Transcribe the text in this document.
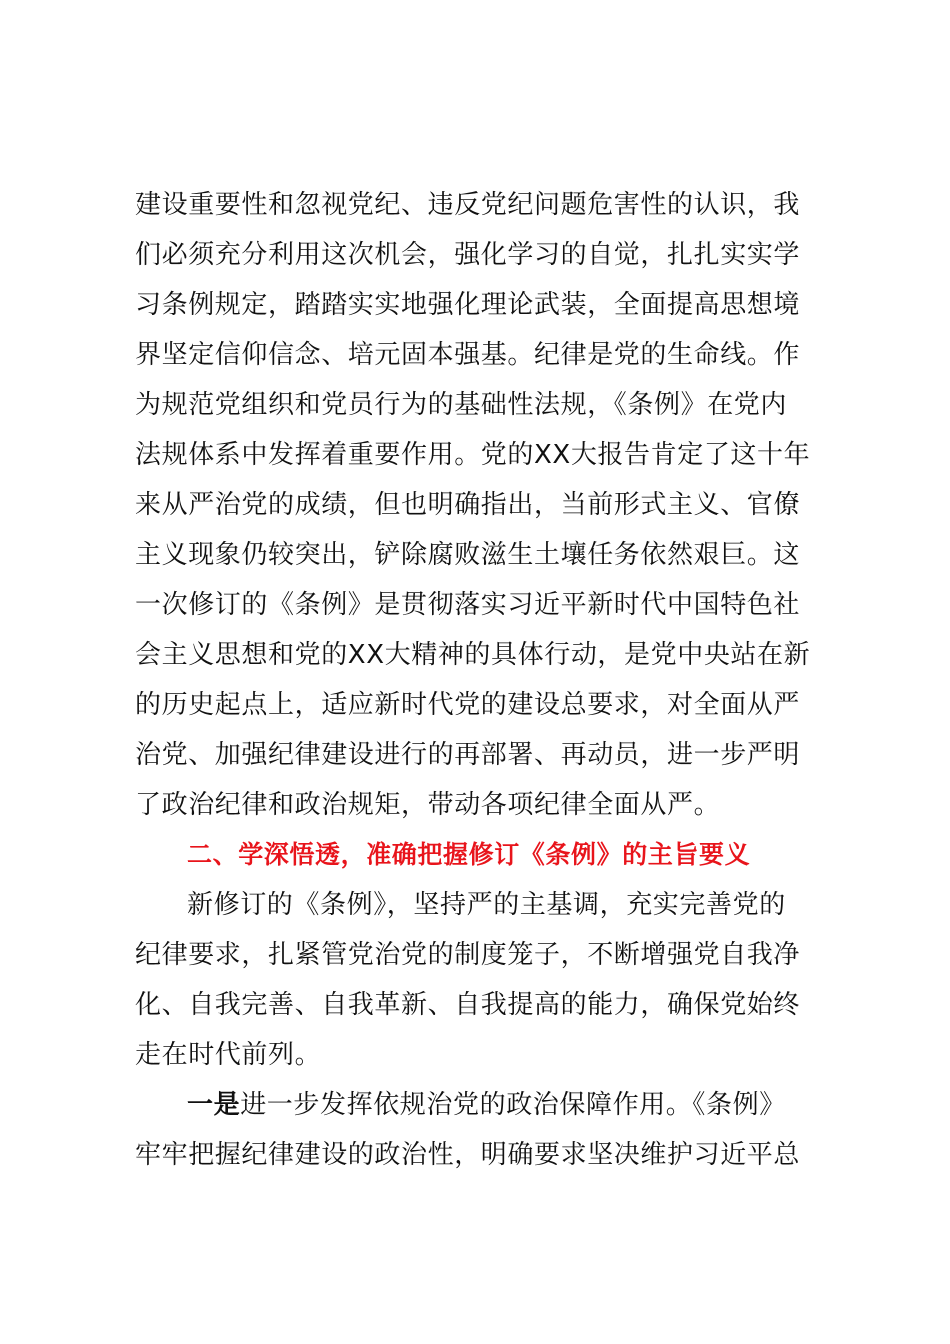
建设重要性和忽视党纪、违反党纪问题危害性的认识，我
们必须充分利用这次机会，强化学习的自觉，扎扎实实学
习条例规定，踏踏实实地强化理论武装，全面提高思想境
界坚定信仰信念、培元固本强基。纪律是党的生命线。作
为规范党组织和党员行为的基础性法规，《条例》在党内
法规体系中发挥着重要作用。党的XX大报告肯定了这十年
来从严治党的成绩，但也明确指出，当前形式主义、官僚
主义现象仍较突出，铲除腐败滋生土壤任务依然艰巨。这
一次修订的《条例》是贯彻落实习近平新时代中国特色社
会主义思想和党的XX大精神的具体行动，是党中央站在新
的历史起点上，适应新时代党的建设总要求，对全面从严
治党、加强纪律建设进行的再部署、再动员，进一步严明
了政治纪律和政治规矩，带动各项纪律全面从严。
二、学深悟透，准确把握修订《条例》的主旨要义
新修订的《条例》，坚持严的主基调，充实完善党的
纪律要求，扎紧管党治党的制度笼子，不断增强党自我净
化、自我完善、自我革新、自我提高的能力，确保党始终
走在时代前列。
一是进一步发挥依规治党的政治保障作用。《条例》
牢牢把握纪律建设的政治性，明确要求坚决维护习近平总
